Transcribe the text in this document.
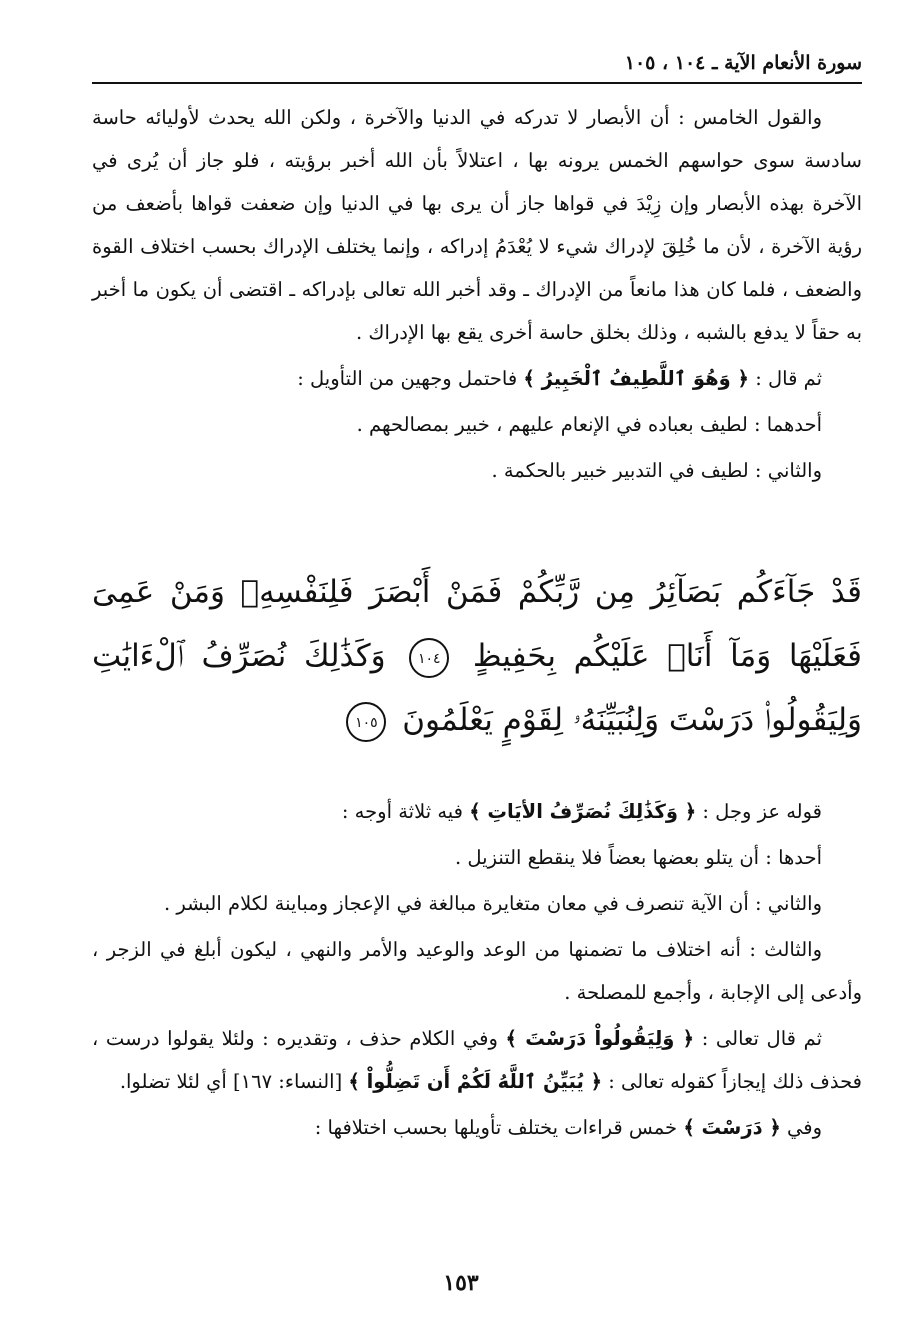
سورة الأنعام الآية ـ ١٠٤ ، ١٠٥

والقول الخامس : أن الأبصار لا تدركه في الدنيا والآخرة ، ولكن الله يحدث لأوليائه حاسة سادسة سوى حواسهم الخمس يرونه بها ، اعتلالاً بأن الله أخبر برؤيته ، فلو جاز أن يُرى في الآخرة بهذه الأبصار وإن زِيْدَ في قواها جاز أن يرى بها في الدنيا وإن ضعفت قواها بأضعف من رؤية الآخرة ، لأن ما خُلِقَ لإدراك شيء لا يُعْدَمُ إدراكه ، وإنما يختلف الإدراك بحسب اختلاف القوة والضعف ، فلما كان هذا مانعاً من الإدراك ـ وقد أخبر الله تعالى بإدراكه ـ اقتضى أن يكون ما أخبر به حقاً لا يدفع بالشبه ، وذلك بخلق حاسة أخرى يقع بها الإدراك .

ثم قال : ﴿ وَهُوَ ٱللَّطِيفُ ٱلْخَبِيرُ ﴾ فاحتمل وجهين من التأويل :

أحدهما : لطيف بعباده في الإنعام عليهم ، خبير بمصالحهم .

والثاني : لطيف في التدبير خبير بالحكمة .

قَدْ جَآءَكُم بَصَآئِرُ مِن رَّبِّكُمْ فَمَنْ أَبْصَرَ فَلِنَفْسِهِۦ وَمَنْ عَمِىَ فَعَلَيْهَا وَمَآ أَنَا۠ عَلَيْكُم بِحَفِيظٍ ١٠٤ وَكَذَٰلِكَ نُصَرِّفُ ٱلْءَايَٰتِ وَلِيَقُولُوا۟ دَرَسْتَ وَلِنُبَيِّنَهُۥ لِقَوْمٍ يَعْلَمُونَ ١٠٥

قوله عز وجل : ﴿ وَكَذَٰلِكَ نُصَرِّفُ الأيَاتِ ﴾ فيه ثلاثة أوجه :

أحدها : أن يتلو بعضها بعضاً فلا ينقطع التنزيل .

والثاني : أن الآية تنصرف في معان متغايرة مبالغة في الإعجاز ومباينة لكلام البشر .

والثالث : أنه اختلاف ما تضمنها من الوعد والوعيد والأمر والنهي ، ليكون أبلغ في الزجر ، وأدعى إلى الإجابة ، وأجمع للمصلحة .

ثم قال تعالى : ﴿ وَلِيَقُولُواْ دَرَسْتَ ﴾ وفي الكلام حذف ، وتقديره : ولئلا يقولوا درست ، فحذف ذلك إيجازاً كقوله تعالى : ﴿ يُبَيِّنُ ٱللَّهُ لَكُمْ أَن تَضِلُّواْ ﴾ [النساء: ١٦٧] أي لئلا تضلوا.

وفي ﴿ دَرَسْتَ ﴾ خمس قراءات يختلف تأويلها بحسب اختلافها :

١٥٣
